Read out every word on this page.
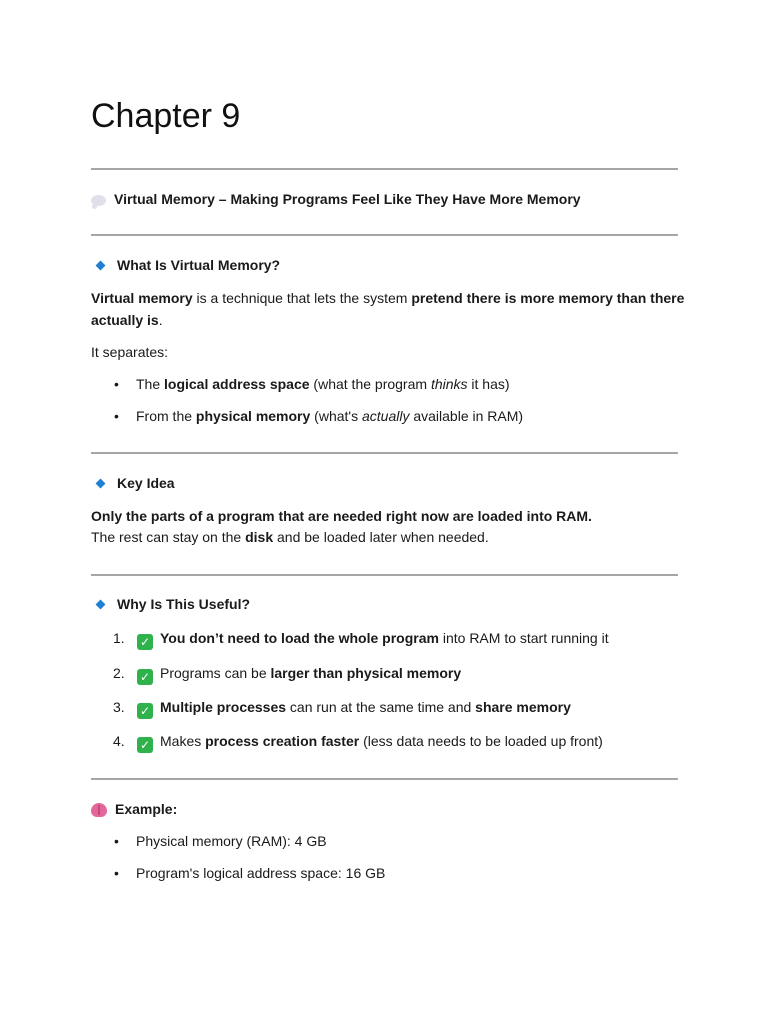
Chapter 9
Virtual Memory – Making Programs Feel Like They Have More Memory
What Is Virtual Memory?
Virtual memory is a technique that lets the system pretend there is more memory than there
actually is.
It separates:
• The logical address space (what the program thinks it has)
• From the physical memory (what's actually available in RAM)
Key Idea
Only the parts of a program that are needed right now are loaded into RAM.
The rest can stay on the disk and be loaded later when needed.
Why Is This Useful?
1. ✓ You don’t need to load the whole program into RAM to start running it
2. ✓ Programs can be larger than physical memory
3. ✓ Multiple processes can run at the same time and share memory
4. ✓ Makes process creation faster (less data needs to be loaded up front)
Example:
• Physical memory (RAM): 4 GB
• Program's logical address space: 16 GB
